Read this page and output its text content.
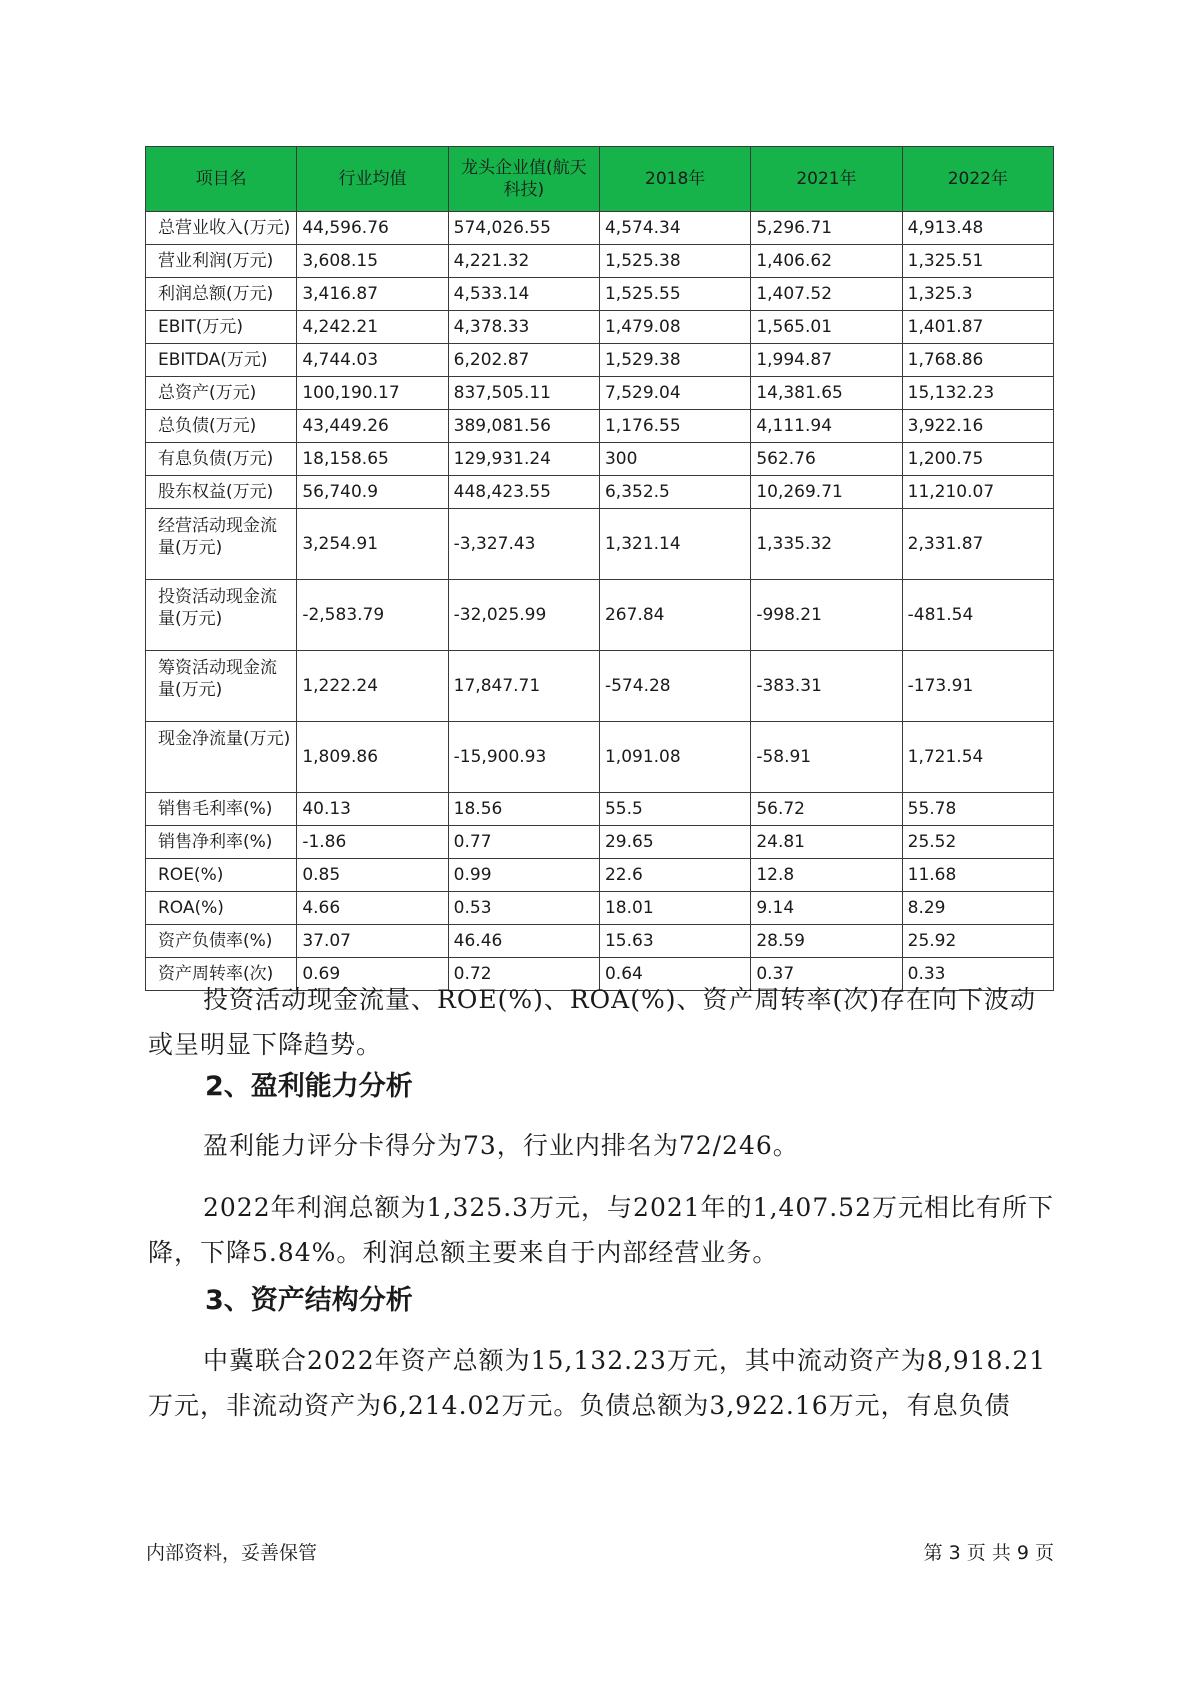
项目名	行业均值	龙头企业值(航天科技)	2018年	2021年	2022年
总营业收入(万元)	44,596.76	574,026.55	4,574.34	5,296.71	4,913.48
营业利润(万元)	3,608.15	4,221.32	1,525.38	1,406.62	1,325.51
利润总额(万元)	3,416.87	4,533.14	1,525.55	1,407.52	1,325.3
EBIT(万元)	4,242.21	4,378.33	1,479.08	1,565.01	1,401.87
EBITDA(万元)	4,744.03	6,202.87	1,529.38	1,994.87	1,768.86
总资产(万元)	100,190.17	837,505.11	7,529.04	14,381.65	15,132.23
总负债(万元)	43,449.26	389,081.56	1,176.55	4,111.94	3,922.16
有息负债(万元)	18,158.65	129,931.24	300	562.76	1,200.75
股东权益(万元)	56,740.9	448,423.55	6,352.5	10,269.71	11,210.07
经营活动现金流量(万元)	3,254.91	-3,327.43	1,321.14	1,335.32	2,331.87
投资活动现金流量(万元)	-2,583.79	-32,025.99	267.84	-998.21	-481.54
筹资活动现金流量(万元)	1,222.24	17,847.71	-574.28	-383.31	-173.91
现金净流量(万元)	1,809.86	-15,900.93	1,091.08	-58.91	1,721.54
销售毛利率(%)	40.13	18.56	55.5	56.72	55.78
销售净利率(%)	-1.86	0.77	29.65	24.81	25.52
ROE(%)	0.85	0.99	22.6	12.8	11.68
ROA(%)	4.66	0.53	18.01	9.14	8.29
资产负债率(%)	37.07	46.46	15.63	28.59	25.92
资产周转率(次)	0.69	0.72	0.64	0.37	0.33

投资活动现金流量、ROE(%)、ROA(%)、资产周转率(次)存在向下波动或呈明显下降趋势。

2、盈利能力分析

盈利能力评分卡得分为73，行业内排名为72/246。

2022年利润总额为1,325.3万元，与2021年的1,407.52万元相比有所下降，下降5.84%。利润总额主要来自于内部经营业务。

3、资产结构分析

中冀联合2022年资产总额为15,132.23万元，其中流动资产为8,918.21万元，非流动资产为6,214.02万元。负债总额为3,922.16万元，有息负债

内部资料，妥善保管	第 3 页 共 9 页
